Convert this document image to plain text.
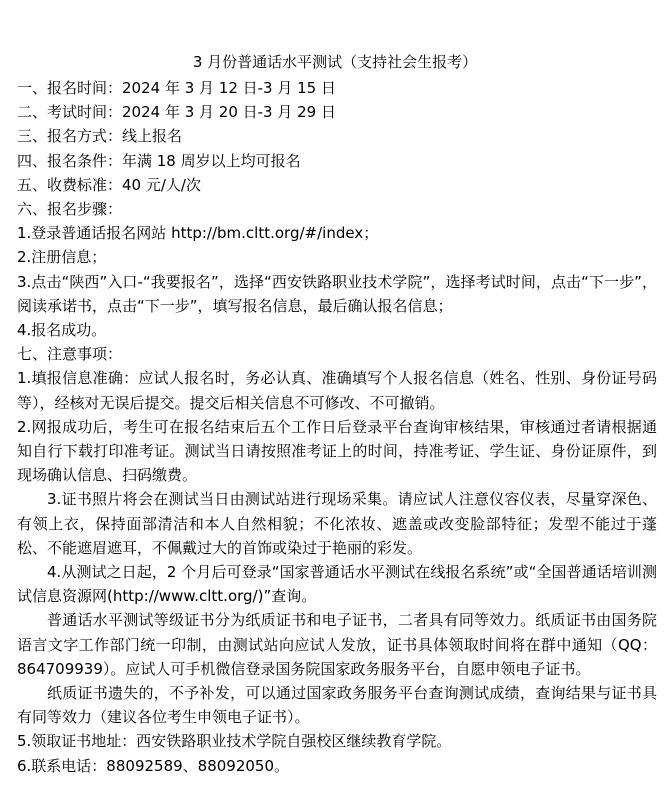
3 月份普通话水平测试（支持社会生报考）

一、报名时间：2024 年 3 月 12 日-3 月 15 日

二、考试时间：2024 年 3 月 20 日-3 月 29 日

三、报名方式：线上报名

四、报名条件：年满 18 周岁以上均可报名

五、收费标准：40 元/人/次

六、报名步骤：

1.登录普通话报名网站 http://bm.cltt.org/#/index；

2.注册信息；

3.点击“陕西”入口-“我要报名”，选择“西安铁路职业技术学院”，选择考试时间，点击“下一步”，阅读承诺书，点击“下一步”，填写报名信息，最后确认报名信息；

4.报名成功。

七、注意事项：

1.填报信息准确：应试人报名时，务必认真、准确填写个人报名信息（姓名、性别、身份证号码等），经核对无误后提交。提交后相关信息不可修改、不可撤销。

2.网报成功后，考生可在报名结束后五个工作日后登录平台查询审核结果，审核通过者请根据通知自行下载打印准考证。测试当日请按照准考证上的时间，持准考证、学生证、身份证原件，到现场确认信息、扫码缴费。

3.证书照片将会在测试当日由测试站进行现场采集。请应试人注意仪容仪表，尽量穿深色、有领上衣，保持面部清洁和本人自然相貌；不化浓妆、遮盖或改变脸部特征；发型不能过于蓬松、不能遮眉遮耳，不佩戴过大的首饰或染过于艳丽的彩发。

4.从测试之日起，2 个月后可登录“国家普通话水平测试在线报名系统”或“全国普通话培训测试信息资源网(http://www.cltt.org/)”查询。

普通话水平测试等级证书分为纸质证书和电子证书，二者具有同等效力。纸质证书由国务院语言文字工作部门统一印制，由测试站向应试人发放，证书具体领取时间将在群中通知（QQ：864709939）。应试人可手机微信登录国务院国家政务服务平台，自愿申领电子证书。

纸质证书遗失的，不予补发，可以通过国家政务服务平台查询测试成绩，查询结果与证书具有同等效力（建议各位考生申领电子证书）。

5.领取证书地址：西安铁路职业技术学院自强校区继续教育学院。

6.联系电话：88092589、88092050。
